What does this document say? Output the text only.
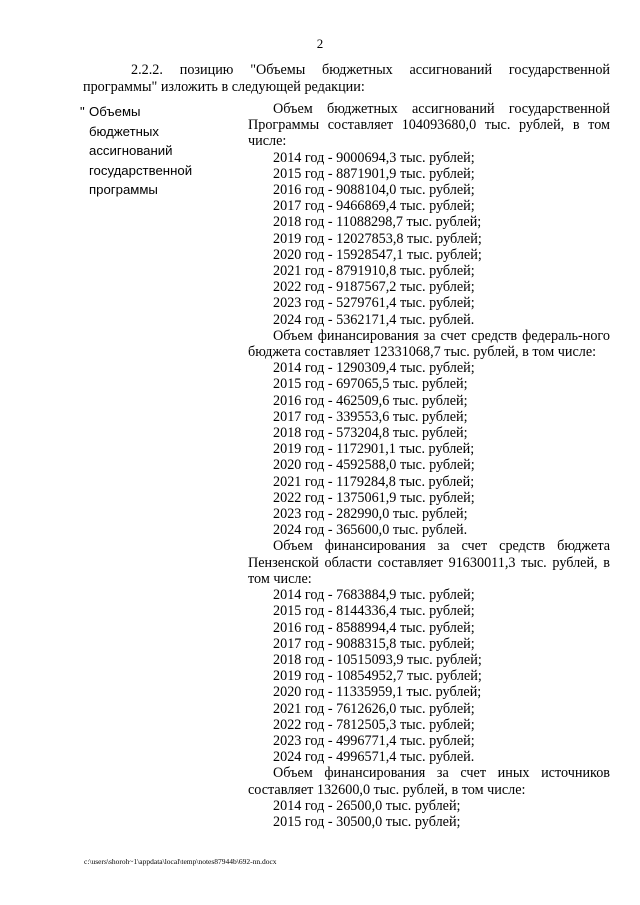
2
2.2.2. позицию "Объемы бюджетных ассигнований государственной
программы" изложить в следующей редакции:
" Объемы
бюджетных
ассигнований
государственной
программы
Объем бюджетных ассигнований государственной Программы составляет 104093680,0 тыс. рублей, в том числе:
2014 год - 9000694,3 тыс. рублей;
2015 год - 8871901,9 тыс. рублей;
2016 год - 9088104,0 тыс. рублей;
2017 год - 9466869,4 тыс. рублей;
2018 год - 11088298,7 тыс. рублей;
2019 год - 12027853,8 тыс. рублей;
2020 год - 15928547,1 тыс. рублей;
2021 год - 8791910,8 тыс. рублей;
2022 год - 9187567,2 тыс. рублей;
2023 год - 5279761,4 тыс. рублей;
2024 год - 5362171,4 тыс. рублей.
Объем финансирования за счет средств федераль-ного бюджета составляет 12331068,7 тыс. рублей, в том числе:
2014 год - 1290309,4 тыс. рублей;
2015 год - 697065,5 тыс. рублей;
2016 год - 462509,6 тыс. рублей;
2017 год - 339553,6 тыс. рублей;
2018 год - 573204,8 тыс. рублей;
2019 год - 1172901,1 тыс. рублей;
2020 год - 4592588,0 тыс. рублей;
2021 год - 1179284,8 тыс. рублей;
2022 год - 1375061,9 тыс. рублей;
2023 год - 282990,0 тыс. рублей;
2024 год - 365600,0 тыс. рублей.
Объем финансирования за счет средств бюджета Пензенской области составляет 91630011,3 тыс. рублей, в том числе:
2014 год - 7683884,9 тыс. рублей;
2015 год - 8144336,4 тыс. рублей;
2016 год - 8588994,4 тыс. рублей;
2017 год - 9088315,8 тыс. рублей;
2018 год - 10515093,9 тыс. рублей;
2019 год - 10854952,7 тыс. рублей;
2020 год - 11335959,1 тыс. рублей;
2021 год - 7612626,0 тыс. рублей;
2022 год - 7812505,3 тыс. рублей;
2023 год - 4996771,4 тыс. рублей;
2024 год - 4996571,4 тыс. рублей.
Объем финансирования за счет иных источников составляет 132600,0 тыс. рублей, в том числе:
2014 год - 26500,0 тыс. рублей;
2015 год - 30500,0 тыс. рублей;
c:\users\shoroh~1\appdata\local\temp\notes87944b\692-nn.docx
